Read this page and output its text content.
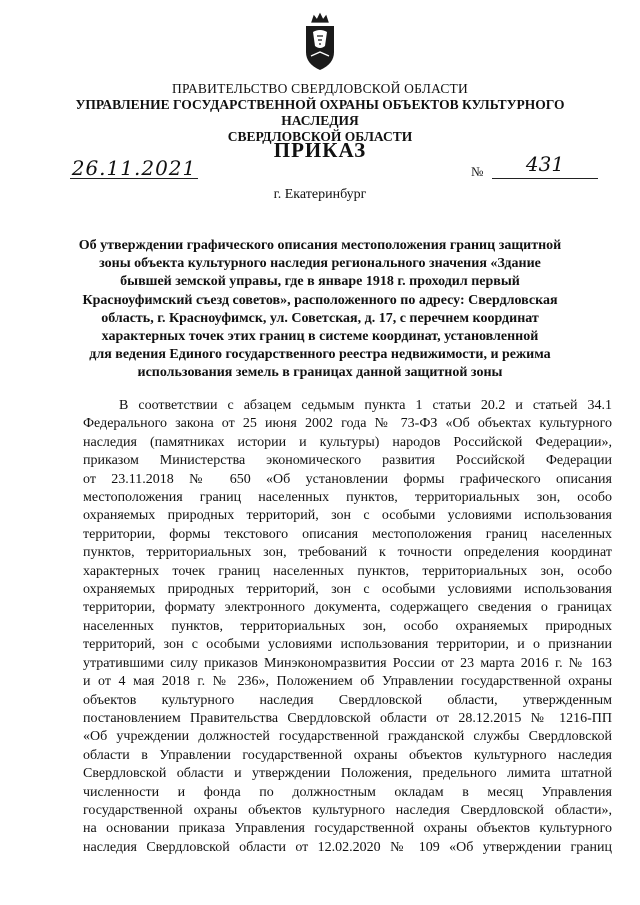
ПРАВИТЕЛЬСТВО СВЕРДЛОВСКОЙ ОБЛАСТИ
УПРАВЛЕНИЕ ГОСУДАРСТВЕННОЙ ОХРАНЫ ОБЪЕКТОВ КУЛЬТУРНОГО НАСЛЕДИЯ
СВЕРДЛОВСКОЙ ОБЛАСТИ
ПРИКАЗ
26.11.2021	№	431
г. Екатеринбург
Об утверждении графического описания местоположения границ защитной
зоны объекта культурного наследия регионального значения «Здание
бывшей земской управы, где в январе 1918 г. проходил первый
Красноуфимский съезд советов», расположенного по адресу: Свердловская
область, г. Красноуфимск, ул. Советская, д. 17, с перечнем координат
характерных точек этих границ в системе координат, установленной
для ведения Единого государственного реестра недвижимости, и режима
использования земель в границах данной защитной зоны
В соответствии с абзацем седьмым пункта 1 статьи 20.2 и статьей 34.1
Федерального закона от 25 июня 2002 года № 73-ФЗ «Об объектах культурного
наследия (памятниках истории и культуры) народов Российской Федерации»,
приказом Министерства экономического развития Российской Федерации
от 23.11.2018 № 650 «Об установлении формы графического описания
местоположения границ населенных пунктов, территориальных зон, особо
охраняемых природных территорий, зон с особыми условиями использования
территории, формы текстового описания местоположения границ населенных
пунктов, территориальных зон, требований к точности определения координат
характерных точек границ населенных пунктов, территориальных зон, особо
охраняемых природных территорий, зон с особыми условиями использования
территории, формату электронного документа, содержащего сведения о границах
населенных пунктов, территориальных зон, особо охраняемых природных
территорий, зон с особыми условиями использования территории, и о признании
утратившими силу приказов Минэкономразвития России от 23 марта 2016 г. № 163
и от 4 мая 2018 г. № 236», Положением об Управлении государственной охраны
объектов культурного наследия Свердловской области, утвержденным
постановлением Правительства Свердловской области от 28.12.2015 № 1216-ПП
«Об учреждении должностей государственной гражданской службы Свердловской
области в Управлении государственной охраны объектов культурного наследия
Свердловской области и утверждении Положения, предельного лимита штатной
численности и фонда по должностным окладам в месяц Управления
государственной охраны объектов культурного наследия Свердловской области»,
на основании приказа Управления государственной охраны объектов культурного
наследия Свердловской области от 12.02.2020 № 109 «Об утверждении границ
